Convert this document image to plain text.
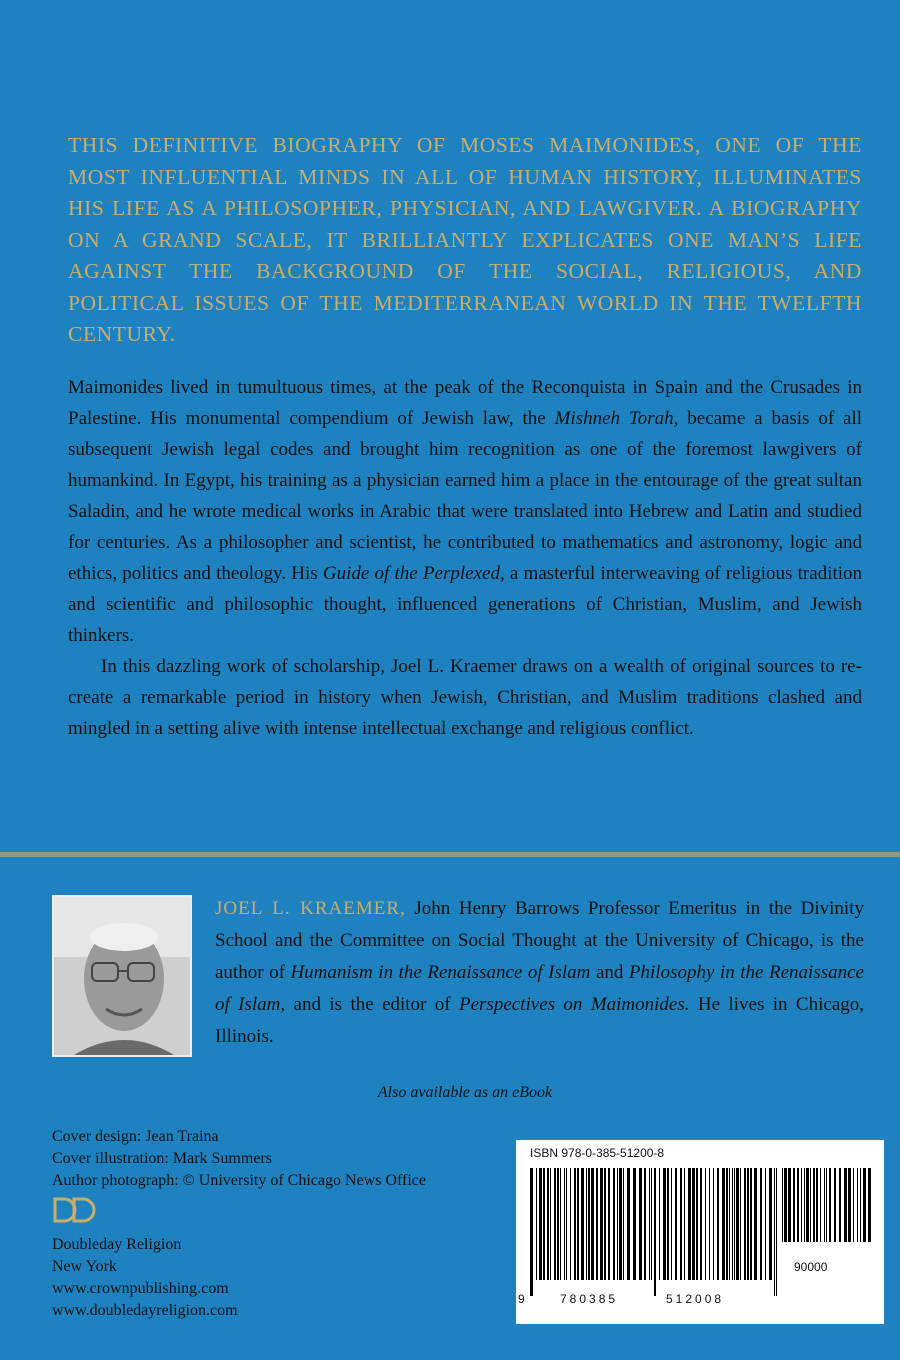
THIS DEFINITIVE BIOGRAPHY OF MOSES MAIMONIDES, ONE OF THE MOST INFLUENTIAL MINDS IN ALL OF HUMAN HISTORY, ILLUMINATES HIS LIFE AS A PHILOSOPHER, PHYSICIAN, AND LAWGIVER. A BIOGRAPHY ON A GRAND SCALE, IT BRILLIANTLY EXPLICATES ONE MAN’S LIFE AGAINST THE BACKGROUND OF THE SOCIAL, RELIGIOUS, AND POLITICAL ISSUES OF THE MEDITERRANEAN WORLD IN THE TWELFTH CENTURY.

Maimonides lived in tumultuous times, at the peak of the Reconquista in Spain and the Crusades in Palestine. His monumental compendium of Jewish law, the Mishneh Torah, became a basis of all subsequent Jewish legal codes and brought him recognition as one of the foremost lawgivers of humankind. In Egypt, his training as a physician earned him a place in the entourage of the great sultan Saladin, and he wrote medical works in Arabic that were translated into Hebrew and Latin and studied for centuries. As a philosopher and scientist, he contributed to mathematics and astronomy, logic and ethics, politics and theology. His Guide of the Perplexed, a masterful interweaving of religious tradition and scientific and philosophic thought, influenced generations of Christian, Muslim, and Jewish thinkers.

In this dazzling work of scholarship, Joel L. Kraemer draws on a wealth of original sources to re-create a remarkable period in history when Jewish, Christian, and Muslim traditions clashed and mingled in a setting alive with intense intellectual exchange and religious conflict.

JOEL L. KRAEMER, John Henry Barrows Professor Emeritus in the Divinity School and the Committee on Social Thought at the University of Chicago, is the author of Humanism in the Renaissance of Islam and Philosophy in the Renaissance of Islam, and is the editor of Perspectives on Maimonides. He lives in Chicago, Illinois.

Also available as an eBook
Cover design: Jean Traina
Cover illustration: Mark Summers
Author photograph: © University of Chicago News Office
Doubleday Religion
New York
www.crownpublishing.com
www.doubledayreligion.com
ISBN 978-0-385-51200-8
90000
9	780385	512008
